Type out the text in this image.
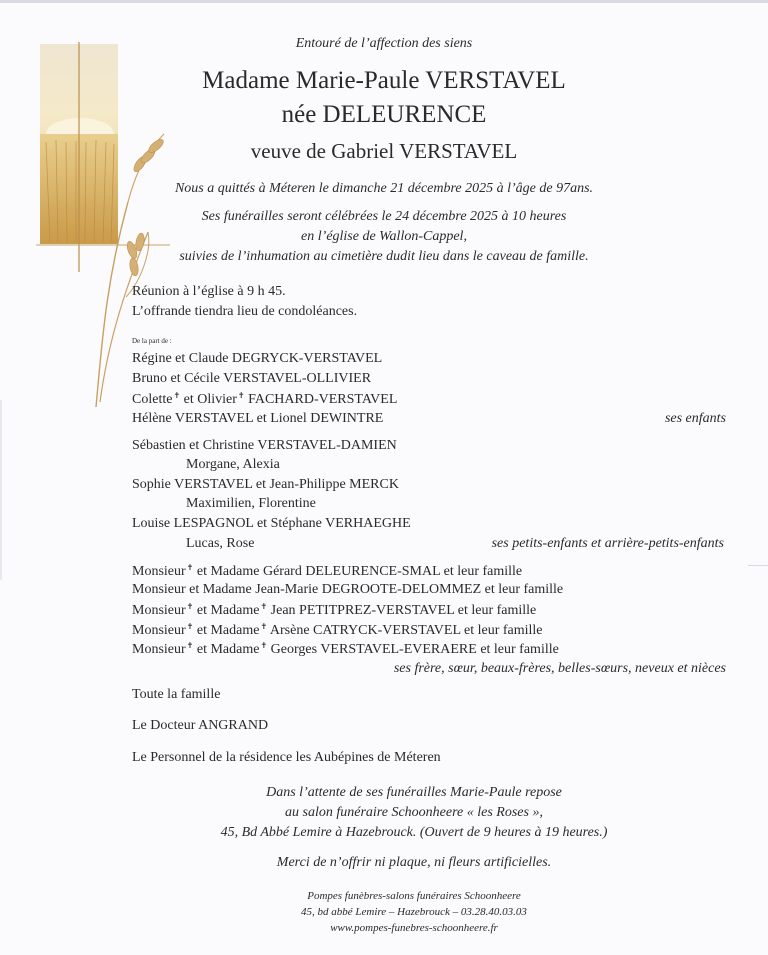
Entouré de l’affection des siens
Madame Marie-Paule VERSTAVEL
née DELEURENCE
veuve de Gabriel VERSTAVEL
Nous a quittés à Méteren le dimanche 21 décembre 2025 à l’âge de 97ans.
Ses funérailles seront célébrées le 24 décembre 2025 à 10 heures
en l’église de Wallon-Cappel,
suivies de l’inhumation au cimetière dudit lieu dans le caveau de famille.
Réunion à l’église à 9 h 45.
L’offrande tiendra lieu de condoléances.
De la part de :
Régine et Claude DEGRYCK-VERSTAVEL
Bruno et Cécile VERSTAVEL-OLLIVIER
Colette✝ et Olivier✝ FACHARD-VERSTAVEL
Hélène VERSTAVEL et Lionel DEWINTRE	ses enfants
Sébastien et Christine VERSTAVEL-DAMIEN
Morgane, Alexia
Sophie VERSTAVEL et Jean-Philippe MERCK
Maximilien, Florentine
Louise LESPAGNOL et Stéphane VERHAEGHE
Lucas, Rose	ses petits-enfants et arrière-petits-enfants
Monsieur✝ et Madame Gérard DELEURENCE-SMAL et leur famille
Monsieur et Madame Jean-Marie DEGROOTE-DELOMMEZ et leur famille
Monsieur✝ et Madame✝ Jean PETITPREZ-VERSTAVEL et leur famille
Monsieur✝ et Madame✝ Arsène CATRYCK-VERSTAVEL et leur famille
Monsieur✝ et Madame✝ Georges VERSTAVEL-EVERAERE et leur famille
ses frère, sœur, beaux-frères, belles-sœurs, neveux et nièces
Toute la famille
Le Docteur ANGRAND
Le Personnel de la résidence les Aubépines de Méteren
Dans l’attente de ses funérailles Marie-Paule repose
au salon funéraire Schoonheere « les Roses »,
45, Bd Abbé Lemire à Hazebrouck. (Ouvert de 9 heures à 19 heures.)
Merci de n’offrir ni plaque, ni fleurs artificielles.
Pompes funèbres-salons funéraires Schoonheere
45, bd abbé Lemire – Hazebrouck – 03.28.40.03.03
www.pompes-funebres-schoonheere.fr
